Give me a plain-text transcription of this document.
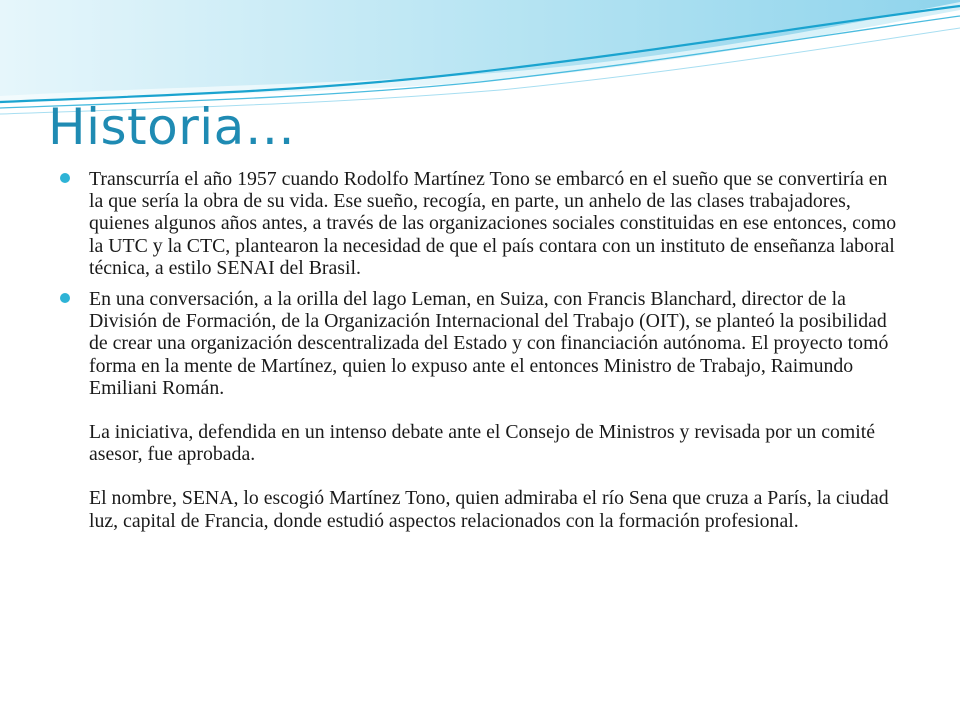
Historia…
Transcurría el año 1957 cuando Rodolfo Martínez Tono se embarcó en el sueño que se convertiría en la que sería la obra de su vida. Ese sueño, recogía, en parte, un anhelo de las clases trabajadores, quienes algunos años antes, a través de las organizaciones sociales constituidas en ese entonces, como la UTC y la CTC, plantearon la necesidad de que el país contara con un instituto de enseñanza laboral técnica, a estilo SENAI del Brasil.
En una conversación, a la orilla del lago Leman, en Suiza, con Francis Blanchard, director de la División de Formación, de la Organización Internacional del Trabajo (OIT), se planteó la posibilidad de crear una organización descentralizada del Estado y con financiación autónoma. El proyecto tomó forma en la mente de Martínez, quien lo expuso ante el entonces Ministro de Trabajo, Raimundo Emiliani Román.
La iniciativa, defendida en un intenso debate ante el Consejo de Ministros y revisada por un comité asesor, fue aprobada.
El nombre, SENA, lo escogió Martínez Tono, quien admiraba el río Sena que cruza a París, la ciudad luz, capital de Francia, donde estudió aspectos relacionados con la formación profesional.
